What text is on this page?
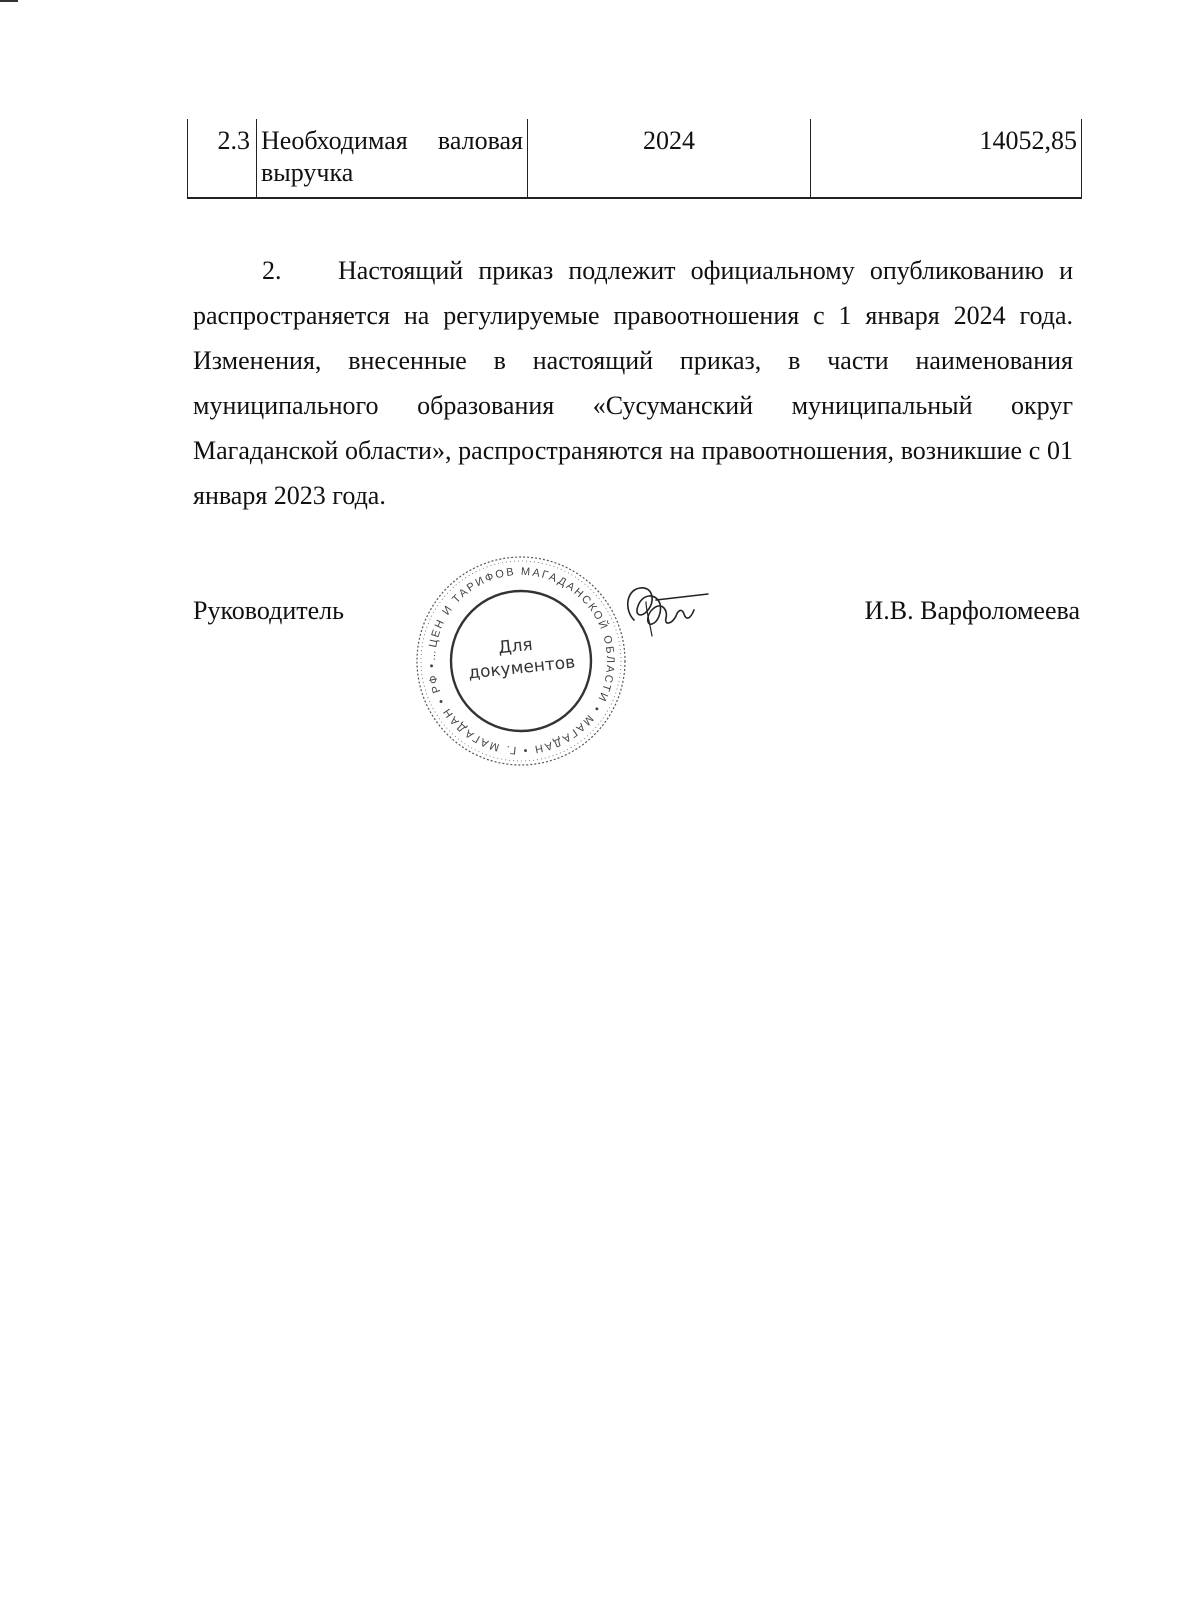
2.3	Необходимая валовая выручка	2024	14052,85

2. Настоящий приказ подлежит официальному опубликованию и распространяется на регулируемые правоотношения с 1 января 2024 года. Изменения, внесенные в настоящий приказ, в части наименования муниципального образования «Сусуманский муниципальный округ Магаданской области», распространяются на правоотношения, возникшие с 01 января 2023 года.

Руководитель
…ЦЕН И ТАРИФОВ МАГАДАНСКОЙ ОБЛАСТИ • МАГАДАН • Г. МАГАДАН • РФ •
Для
документов
И.В. Варфоломеева
